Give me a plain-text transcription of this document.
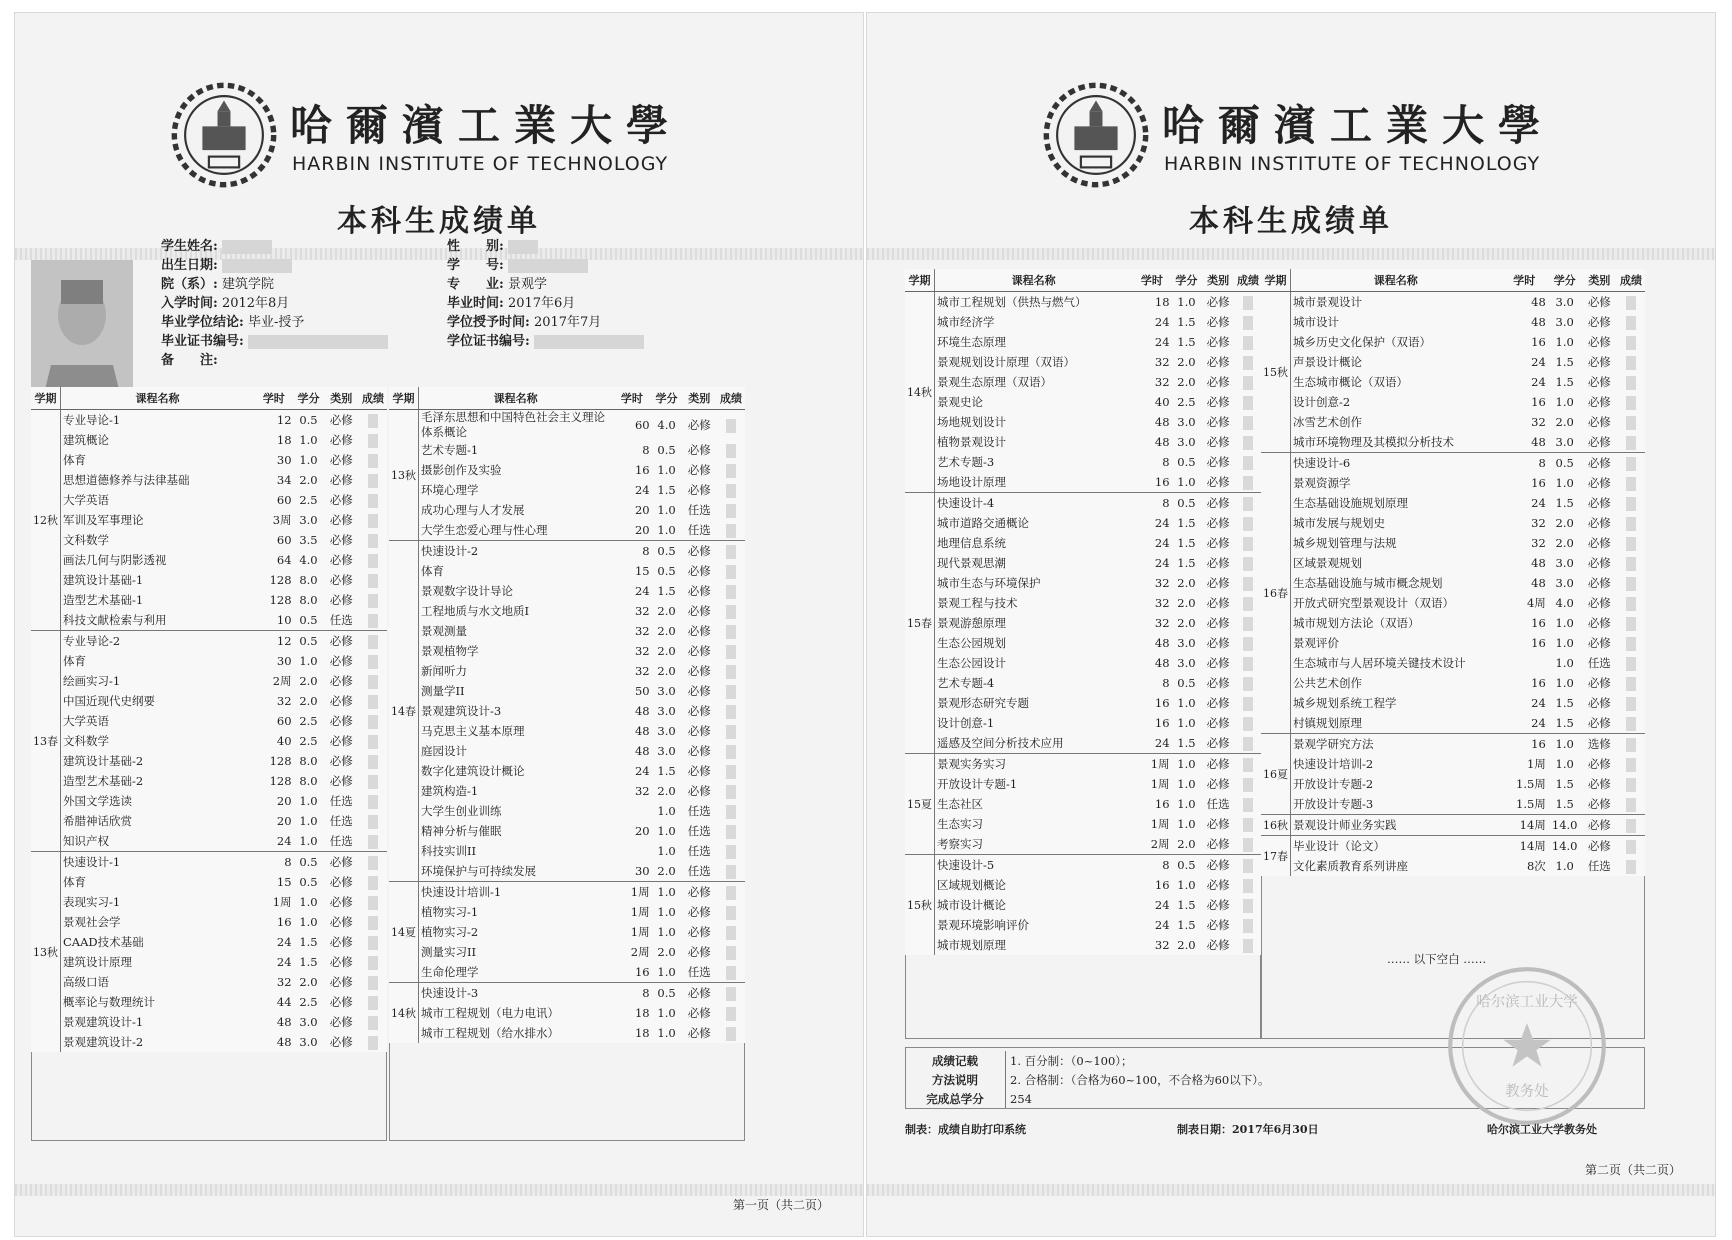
哈爾濱工業大學
HARBIN INSTITUTE OF TECHNOLOGY
本科生成绩单
学生姓名:
出生日期:
院（系）: 建筑学院
入学时间: 2012年8月
毕业学位结论: 毕业-授予
毕业证书编号:
备　　注:
性　　别:
学　　号:
专　　业: 景观学
毕业时间: 2017年6月
学位授予时间: 2017年7月
学位证书编号:
学期	课程名称	学时	学分	类别	成绩
12秋	专业导论-1	12	0.5	必修	
	建筑概论	18	1.0	必修	
	体育	30	1.0	必修	
	思想道德修养与法律基础	34	2.0	必修	
	大学英语	60	2.5	必修	
	军训及军事理论	3周	3.0	必修	
	文科数学	60	3.5	必修	
	画法几何与阴影透视	64	4.0	必修	
	建筑设计基础-1	128	8.0	必修	
	造型艺术基础-1	128	8.0	必修	
	科技文献检索与利用	10	0.5	任选	
13春	专业导论-2	12	0.5	必修	
	体育	30	1.0	必修	
	绘画实习-1	2周	2.0	必修	
	中国近现代史纲要	32	2.0	必修	
	大学英语	60	2.5	必修	
	文科数学	40	2.5	必修	
	建筑设计基础-2	128	8.0	必修	
	造型艺术基础-2	128	8.0	必修	
	外国文学选读	20	1.0	任选	
	希腊神话欣赏	20	1.0	任选	
	知识产权	24	1.0	任选	
13秋	快速设计-1	8	0.5	必修	
	体育	15	0.5	必修	
	表现实习-1	1周	1.0	必修	
	景观社会学	16	1.0	必修	
	CAAD技术基础	24	1.5	必修	
	建筑设计原理	24	1.5	必修	
	高级口语	32	2.0	必修	
	概率论与数理统计	44	2.5	必修	
	景观建筑设计-1	48	3.0	必修	
	景观建筑设计-2	48	3.0	必修	
学期	课程名称	学时	学分	类别	成绩
13秋	毛泽东思想和中国特色社会主义理论体系概论	60	4.0	必修	
	艺术专题-1	8	0.5	必修	
	摄影创作及实验	16	1.0	必修	
	环境心理学	24	1.5	必修	
	成功心理与人才发展	20	1.0	任选	
	大学生恋爱心理与性心理	20	1.0	任选	
14春	快速设计-2	8	0.5	必修	
	体育	15	0.5	必修	
	景观数字设计导论	24	1.5	必修	
	工程地质与水文地质I	32	2.0	必修	
	景观测量	32	2.0	必修	
	景观植物学	32	2.0	必修	
	新闻听力	32	2.0	必修	
	测量学II	50	3.0	必修	
	景观建筑设计-3	48	3.0	必修	
	马克思主义基本原理	48	3.0	必修	
	庭园设计	48	3.0	必修	
	数字化建筑设计概论	24	1.5	必修	
	建筑构造-1	32	2.0	必修	
	大学生创业训练		1.0	任选	
	精神分析与催眠	20	1.0	任选	
	科技实训II		1.0	任选	
	环境保护与可持续发展	30	2.0	任选	
14夏	快速设计培训-1	1周	1.0	必修	
	植物实习-1	1周	1.0	必修	
	植物实习-2	1周	1.0	必修	
	测量实习II	2周	2.0	必修	
	生命伦理学	16	1.0	任选	
14秋	快速设计-3	8	0.5	必修	
	城市工程规划（电力电讯）	18	1.0	必修	
	城市工程规划（给水排水）	18	1.0	必修	
第一页（共二页）
哈爾濱工業大學
HARBIN INSTITUTE OF TECHNOLOGY
本科生成绩单
学期	课程名称	学时	学分	类别	成绩
14秋	城市工程规划（供热与燃气）	18	1.0	必修	
	城市经济学	24	1.5	必修	
	环境生态原理	24	1.5	必修	
	景观规划设计原理（双语）	32	2.0	必修	
	景观生态原理（双语）	32	2.0	必修	
	景观史论	40	2.5	必修	
	场地规划设计	48	3.0	必修	
	植物景观设计	48	3.0	必修	
	艺术专题-3	8	0.5	必修	
	场地设计原理	16	1.0	必修	
15春	快速设计-4	8	0.5	必修	
	城市道路交通概论	24	1.5	必修	
	地理信息系统	24	1.5	必修	
	现代景观思潮	24	1.5	必修	
	城市生态与环境保护	32	2.0	必修	
	景观工程与技术	32	2.0	必修	
	景观游憩原理	32	2.0	必修	
	生态公园规划	48	3.0	必修	
	生态公园设计	48	3.0	必修	
	艺术专题-4	8	0.5	必修	
	景观形态研究专题	16	1.0	必修	
	设计创意-1	16	1.0	必修	
	遥感及空间分析技术应用	24	1.5	必修	
15夏	景观实务实习	1周	1.0	必修	
	开放设计专题-1	1周	1.0	必修	
	生态社区	16	1.0	任选	
	生态实习	1周	1.0	必修	
	考察实习	2周	2.0	必修	
15秋	快速设计-5	8	0.5	必修	
	区域规划概论	16	1.0	必修	
	城市设计概论	24	1.5	必修	
	景观环境影响评价	24	1.5	必修	
	城市规划原理	32	2.0	必修	
学期	课程名称	学时	学分	类别	成绩
15秋	城市景观设计	48	3.0	必修	
	城市设计	48	3.0	必修	
	城乡历史文化保护（双语）	16	1.0	必修	
	声景设计概论	24	1.5	必修	
	生态城市概论（双语）	24	1.5	必修	
	设计创意-2	16	1.0	必修	
	冰雪艺术创作	32	2.0	必修	
	城市环境物理及其模拟分析技术	48	3.0	必修	
16春	快速设计-6	8	0.5	必修	
	景观资源学	16	1.0	必修	
	生态基础设施规划原理	24	1.5	必修	
	城市发展与规划史	32	2.0	必修	
	城乡规划管理与法规	32	2.0	必修	
	区域景观规划	48	3.0	必修	
	生态基础设施与城市概念规划	48	3.0	必修	
	开放式研究型景观设计（双语）	4周	4.0	必修	
	城市规划方法论（双语）	16	1.0	必修	
	景观评价	16	1.0	必修	
	生态城市与人居环境关键技术设计		1.0	任选	
	公共艺术创作	16	1.0	必修	
	城乡规划系统工程学	24	1.5	必修	
	村镇规划原理	24	1.5	必修	
16夏	景观学研究方法	16	1.0	选修	
	快速设计培训-2	1周	1.0	必修	
	开放设计专题-2	1.5周	1.5	必修	
	开放设计专题-3	1.5周	1.5	必修	
16秋	景观设计师业务实践	14周	14.0	必修	
17春	毕业设计（论文）	14周	14.0	必修	
	文化素质教育系列讲座	8次	1.0	任选	
…… 以下空白 ……
成绩记载	1. 百分制：（0~100）；
方法说明	2. 合格制：（合格为60~100，不合格为60以下）。
完成总学分	254
哈尔滨工业大学
教务处
制表：成绩自助打印系统	制表日期：2017年6月30日	哈尔滨工业大学教务处
第二页（共二页）
